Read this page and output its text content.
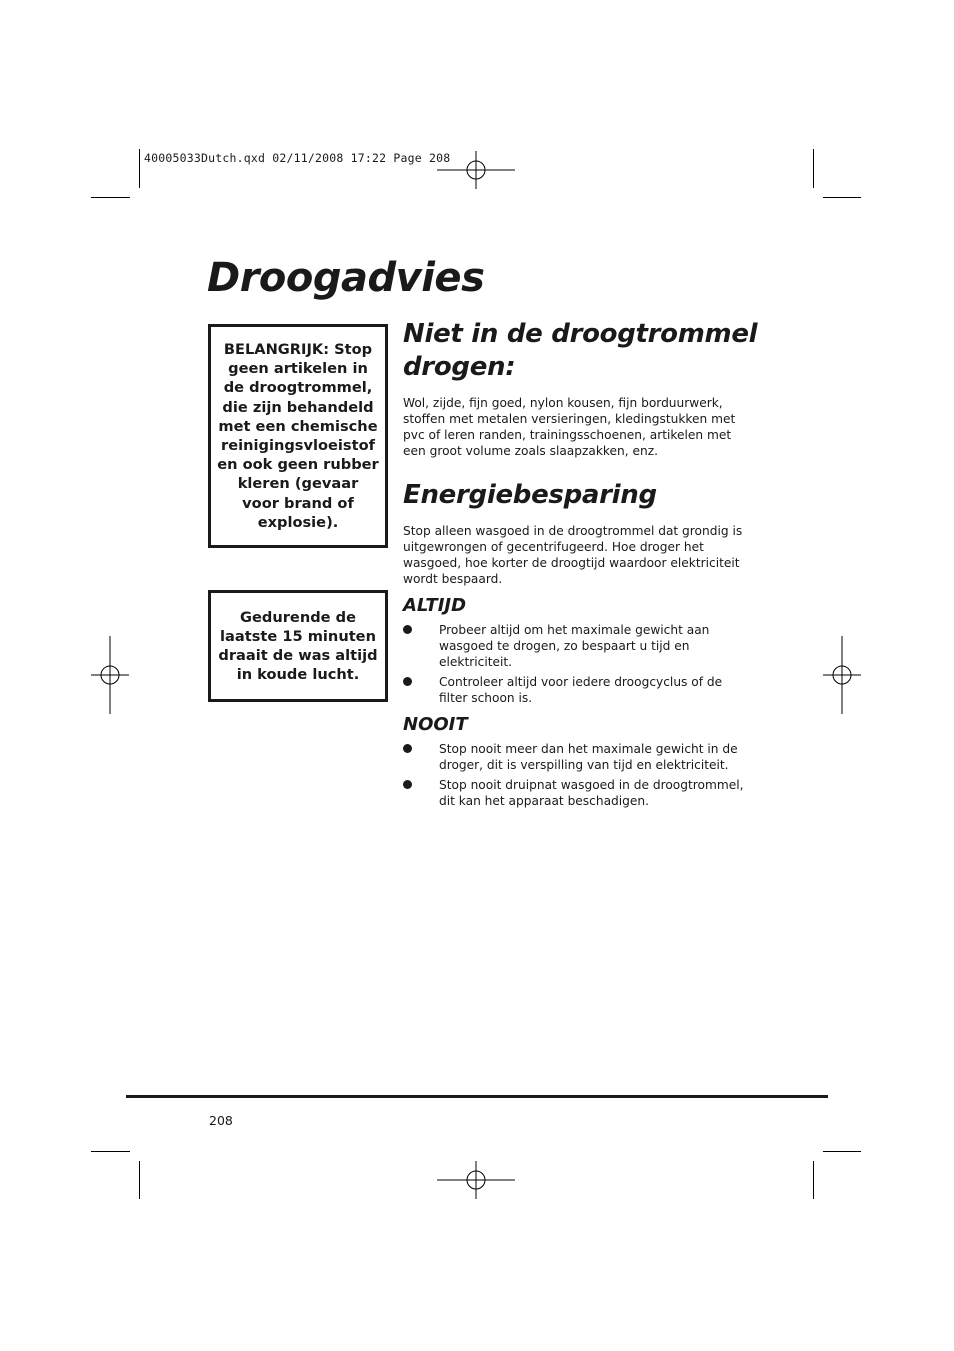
40005033Dutch.qxd 02/11/2008 17:22 Page 208
Droogadvies

BELANGRIJK: Stop geen artikelen in de droogtrommel, die zijn behandeld met een chemische reinigingsvloeistof en ook geen rubber kleren (gevaar voor brand of explosie).

Gedurende de laatste 15 minuten draait de was altijd in koude lucht.

Niet in de droogtrommel
drogen:

Wol, zijde, fijn goed, nylon kousen, fijn borduurwerk, stoffen met metalen versieringen, kledingstukken met pvc of leren randen, trainingsschoenen, artikelen met een groot volume zoals slaapzakken, enz.

Energiebesparing

Stop alleen wasgoed in de droogtrommel dat grondig is uitgewrongen of gecentrifugeerd. Hoe droger het wasgoed, hoe korter de droogtijd waardoor elektriciteit wordt bespaard.

ALTIJD
Probeer altijd om het maximale gewicht aan wasgoed te drogen, zo bespaart u tijd en elektriciteit.
Controleer altijd voor iedere droogcyclus of de filter schoon is.
NOOIT
Stop nooit meer dan het maximale gewicht in de droger, dit is verspilling van tijd en elektriciteit.
Stop nooit druipnat wasgoed in de droogtrommel, dit kan het apparaat beschadigen.
208
